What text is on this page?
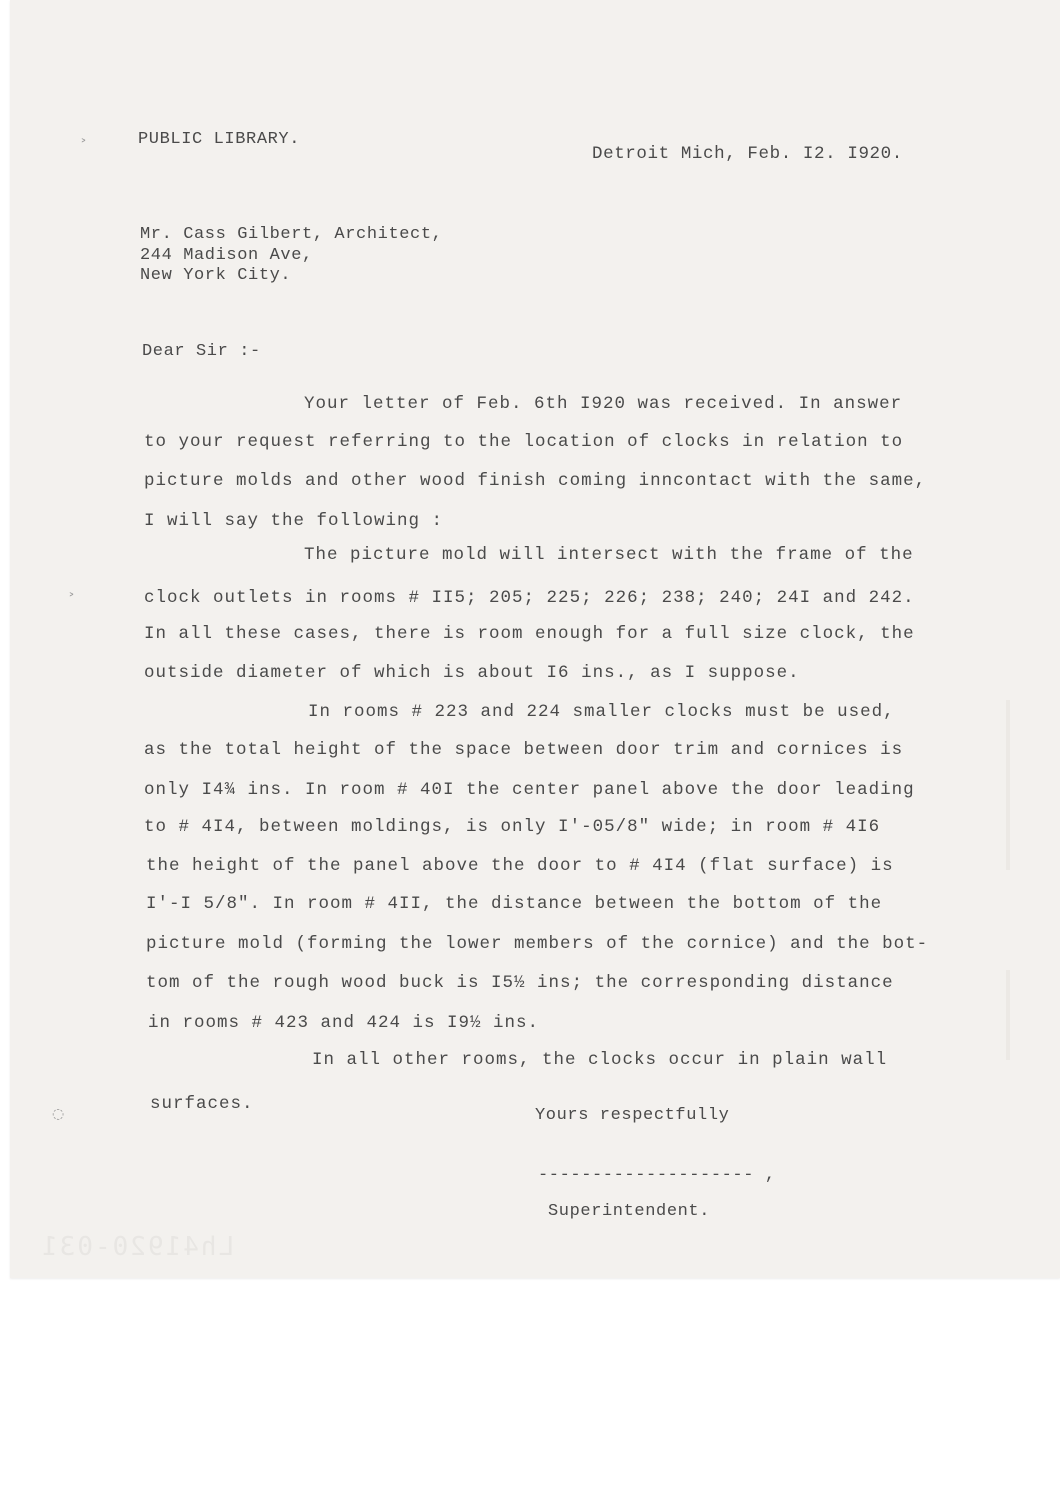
˃
˃
◌
PUBLIC LIBRARY.
Detroit Mich, Feb. I2. I920.
Mr. Cass Gilbert, Architect,
244 Madison Ave,
New York City.
Dear Sir :-
Your letter of Feb. 6th I920 was received. In answer
to your request referring to the location of clocks in relation to
picture molds and other wood finish coming inncontact with the same,
I will say the following :
The picture mold will intersect with the frame of the
clock outlets in rooms # II5; 205; 225; 226; 238; 240; 24I and 242.
In all these cases, there is room enough for a full size clock, the
outside diameter of which is about I6 ins., as I suppose.
In rooms # 223 and 224 smaller clocks must be used,
as the total height of the space between door trim and cornices is
only I4¾ ins. In room # 40I the center panel above the door leading
to # 4I4, between moldings, is only I'-05/8" wide; in room # 4I6
the height of the panel above the door to # 4I4 (flat surface) is
I'-I 5/8". In room # 4II, the distance between the bottom of the
picture mold (forming the lower members of the cornice) and the bot-
tom of the rough wood buck is I5½ ins; the corresponding distance
in rooms # 423 and 424 is I9½ ins.
In all other rooms, the clocks occur in plain wall
surfaces.
Yours respectfully
-------------------- ,
Superintendent.
Lh41920-031
